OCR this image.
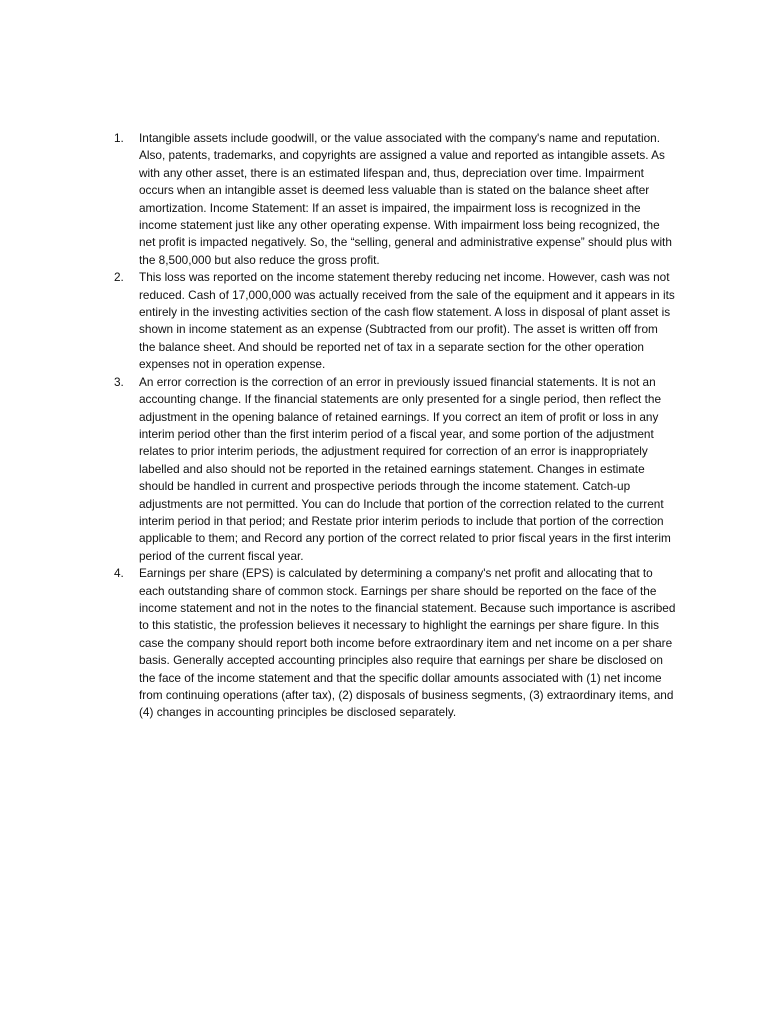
1. Intangible assets include goodwill, or the value associated with the company's name and reputation. Also, patents, trademarks, and copyrights are assigned a value and reported as intangible assets. As with any other asset, there is an estimated lifespan and, thus, depreciation over time. Impairment occurs when an intangible asset is deemed less valuable than is stated on the balance sheet after amortization. Income Statement: If an asset is impaired, the impairment loss is recognized in the income statement just like any other operating expense. With impairment loss being recognized, the net profit is impacted negatively. So, the “selling, general and administrative expense” should plus with the 8,500,000 but also reduce the gross profit.
2. This loss was reported on the income statement thereby reducing net income. However, cash was not reduced. Cash of 17,000,000 was actually received from the sale of the equipment and it appears in its entirely in the investing activities section of the cash flow statement. A loss in disposal of plant asset is shown in income statement as an expense (Subtracted from our profit). The asset is written off from the balance sheet. And should be reported net of tax in a separate section for the other operation expenses not in operation expense.
3. An error correction is the correction of an error in previously issued financial statements. It is not an accounting change. If the financial statements are only presented for a single period, then reflect the adjustment in the opening balance of retained earnings. If you correct an item of profit or loss in any interim period other than the first interim period of a fiscal year, and some portion of the adjustment relates to prior interim periods, the adjustment required for correction of an error is inappropriately labelled and also should not be reported in the retained earnings statement. Changes in estimate should be handled in current and prospective periods through the income statement. Catch-up adjustments are not permitted. You can do Include that portion of the correction related to the current interim period in that period; and Restate prior interim periods to include that portion of the correction applicable to them; and Record any portion of the correct related to prior fiscal years in the first interim period of the current fiscal year.
4. Earnings per share (EPS) is calculated by determining a company's net profit and allocating that to each outstanding share of common stock. Earnings per share should be reported on the face of the income statement and not in the notes to the financial statement. Because such importance is ascribed to this statistic, the profession believes it necessary to highlight the earnings per share figure. In this case the company should report both income before extraordinary item and net income on a per share basis. Generally accepted accounting principles also require that earnings per share be disclosed on the face of the income statement and that the specific dollar amounts associated with (1) net income from continuing operations (after tax), (2) disposals of business segments, (3) extraordinary items, and (4) changes in accounting principles be disclosed separately.
